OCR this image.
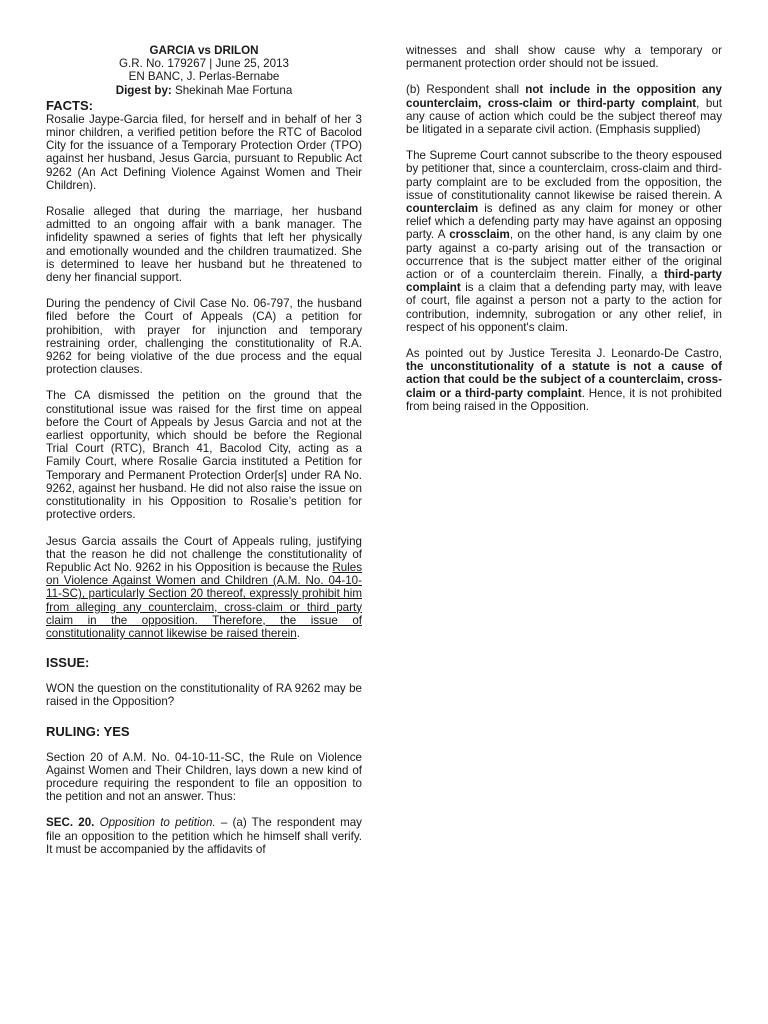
GARCIA vs DRILON
G.R. No. 179267 | June 25, 2013
EN BANC, J. Perlas-Bernabe
Digest by: Shekinah Mae Fortuna
FACTS:

Rosalie Jaype-Garcia filed, for herself and in behalf of her 3 minor children, a verified petition before the RTC of Bacolod City for the issuance of a Temporary Protection Order (TPO) against her husband, Jesus Garcia, pursuant to Republic Act 9262 (An Act Defining Violence Against Women and Their Children).

Rosalie alleged that during the marriage, her husband admitted to an ongoing affair with a bank manager. The infidelity spawned a series of fights that left her physically and emotionally wounded and the children traumatized. She is determined to leave her husband but he threatened to deny her financial support.

During the pendency of Civil Case No. 06-797, the husband filed before the Court of Appeals (CA) a petition for prohibition, with prayer for injunction and temporary restraining order, challenging the constitutionality of R.A. 9262 for being violative of the due process and the equal protection clauses.

The CA dismissed the petition on the ground that the constitutional issue was raised for the first time on appeal before the Court of Appeals by Jesus Garcia and not at the earliest opportunity, which should be before the Regional Trial Court (RTC), Branch 41, Bacolod City, acting as a Family Court, where Rosalie Garcia instituted a Petition for Temporary and Permanent Protection Order[s] under RA No. 9262, against her husband. He did not also raise the issue on constitutionality in his Opposition to Rosalie’s petition for protective orders.

Jesus Garcia assails the Court of Appeals ruling, justifying that the reason he did not challenge the constitutionality of Republic Act No. 9262 in his Opposition is because the Rules on Violence Against Women and Children (A.M. No. 04-10-11-SC), particularly Section 20 thereof, expressly prohibit him from alleging any counterclaim, cross-claim or third party claim in the opposition. Therefore, the issue of constitutionality cannot likewise be raised therein.

ISSUE:

WON the question on the constitutionality of RA 9262 may be raised in the Opposition?

RULING: YES

Section 20 of A.M. No. 04-10-11-SC, the Rule on Violence Against Women and Their Children, lays down a new kind of procedure requiring the respondent to file an opposition to the petition and not an answer. Thus:

SEC. 20. Opposition to petition. – (a) The respondent may file an opposition to the petition which he himself shall verify. It must be accompanied by the affidavits of

witnesses and shall show cause why a temporary or permanent protection order should not be issued.

(b) Respondent shall not include in the opposition any counterclaim, cross-claim or third-party complaint, but any cause of action which could be the subject thereof may be litigated in a separate civil action. (Emphasis supplied)

The Supreme Court cannot subscribe to the theory espoused by petitioner that, since a counterclaim, cross-claim and third-party complaint are to be excluded from the opposition, the issue of constitutionality cannot likewise be raised therein. A counterclaim is defined as any claim for money or other relief which a defending party may have against an opposing party. A crossclaim, on the other hand, is any claim by one party against a co-party arising out of the transaction or occurrence that is the subject matter either of the original action or of a counterclaim therein. Finally, a third-party complaint is a claim that a defending party may, with leave of court, file against a person not a party to the action for contribution, indemnity, subrogation or any other relief, in respect of his opponent's claim.

As pointed out by Justice Teresita J. Leonardo-De Castro, the unconstitutionality of a statute is not a cause of action that could be the subject of a counterclaim, cross-claim or a third-party complaint. Hence, it is not prohibited from being raised in the Opposition.
